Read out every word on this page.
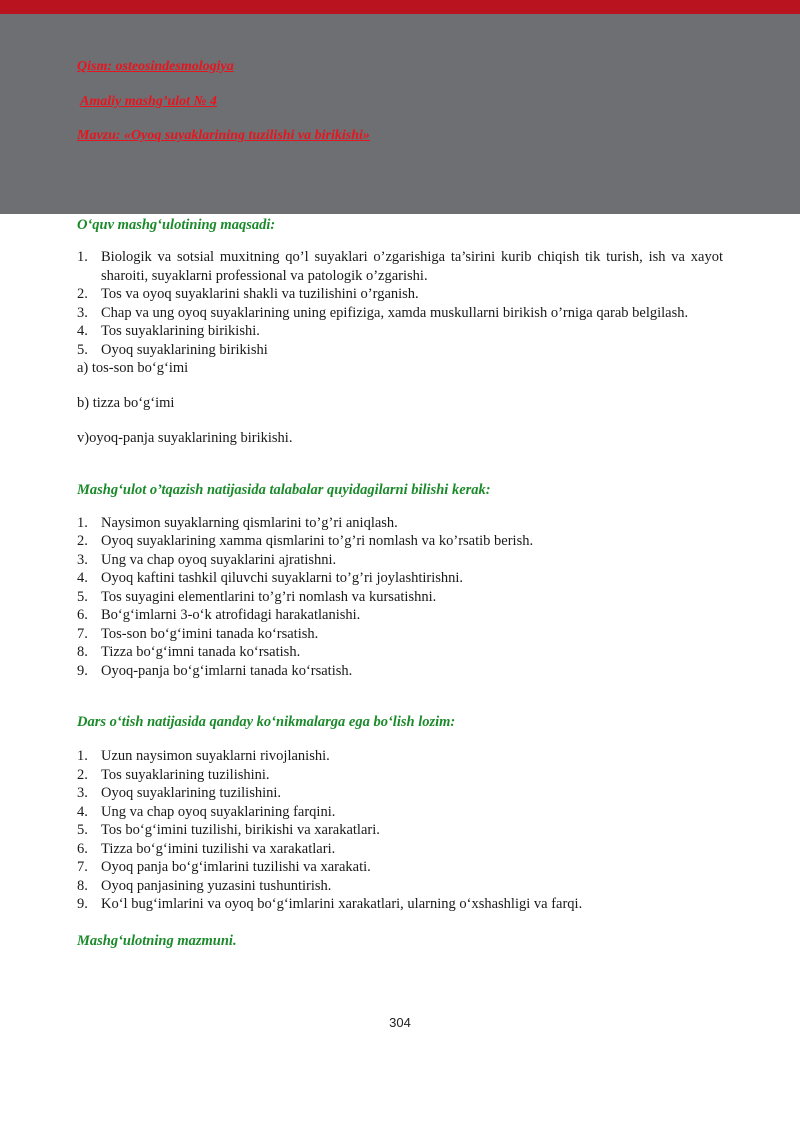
Qism: osteosindesmologiya
Amaliy mashg’ulot № 4
Mavzu: «Oyoq suyaklarining tuzilishi va birikishi»

O‘quv mashg‘ulotining maqsadi:

1. Biologik va sotsial muxitning qo’l suyaklari o’zgarishiga ta’sirini kurib chiqish tik turish, ish va xayot sharoiti, suyaklarni professional va patologik o’zgarishi.
2. Tos va oyoq suyaklarini shakli va tuzilishini o’rganish.
3. Chap va ung oyoq suyaklarining uning epifiziga, xamda muskullarni birikish o’rniga qarab belgilash.
4. Tos suyaklarining birikishi.
5. Oyoq suyaklarining birikishi

a) tos-son bo‘g‘imi

b) tizza bo‘g‘imi

v)oyoq-panja suyaklarining birikishi.

Mashg‘ulot o’tqazish natijasida talabalar quyidagilarni bilishi kerak:

1. Naysimon suyaklarning qismlarini to’g’ri aniqlash.
2. Oyoq suyaklarining xamma qismlarini to’g’ri nomlash va ko’rsatib berish.
3. Ung va chap oyoq suyaklarini ajratishni.
4. Oyoq kaftini tashkil qiluvchi suyaklarni to’g’ri joylashtirishni.
5. Tos suyagini elementlarini to’g’ri nomlash va kursatishni.
6. Bo‘g‘imlarni 3-o‘k atrofidagi harakatlanishi.
7. Tos-son bo‘g‘imini tanada ko‘rsatish.
8. Tizza bo‘g‘imni tanada ko‘rsatish.
9. Oyoq-panja bo‘g‘imlarni tanada ko‘rsatish.

Dars o‘tish natijasida qanday ko‘nikmalarga ega bo‘lish lozim:

1. Uzun naysimon suyaklarni rivojlanishi.
2. Tos suyaklarining tuzilishini.
3. Oyoq suyaklarining tuzilishini.
4. Ung va chap oyoq suyaklarining farqini.
5. Tos bo‘g‘imini tuzilishi, birikishi va xarakatlari.
6. Tizza bo‘g‘imini tuzilishi va xarakatlari.
7. Oyoq panja bo‘g‘imlarini tuzilishi va xarakati.
8. Oyoq panjasining yuzasini tushuntirish.
9. Ko‘l bug‘imlarini va oyoq bo‘g‘imlarini xarakatlari, ularning o‘xshashligi va farqi.

Mashg‘ulotning mazmuni.

304
